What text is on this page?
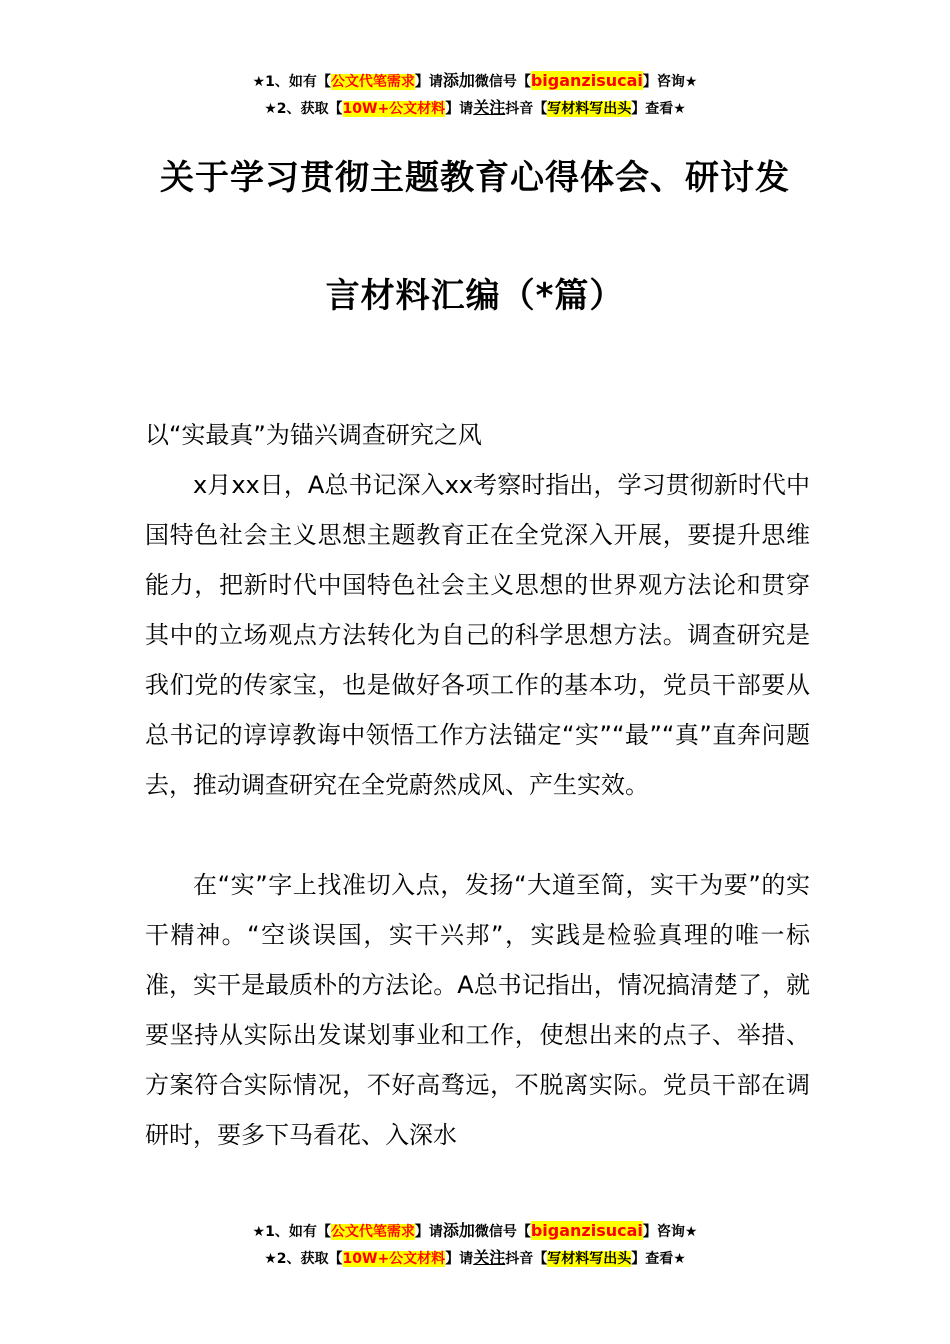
★1、如有【公文代笔需求】请添加微信号【biganzisucai】咨询★
★2、获取【10W+公文材料】请关注抖音【写材料写出头】查看★
关于学习贯彻主题教育心得体会、研讨发
言材料汇编（*篇）

以“实最真”为锚兴调查研究之风

x月xx日，A总书记深入xx考察时指出，学习贯彻新时代中国特色社会主义思想主题教育正在全党深入开展，要提升思维能力，把新时代中国特色社会主义思想的世界观方法论和贯穿其中的立场观点方法转化为自己的科学思想方法。调查研究是我们党的传家宝，也是做好各项工作的基本功，党员干部要从总书记的谆谆教诲中领悟工作方法锚定“实”“最”“真”直奔问题去，推动调查研究在全党蔚然成风、产生实效。

在“实”字上找准切入点，发扬“大道至简，实干为要”的实干精神。“空谈误国，实干兴邦”，实践是检验真理的唯一标准，实干是最质朴的方法论。A总书记指出，情况搞清楚了，就要坚持从实际出发谋划事业和工作，使想出来的点子、举措、方案符合实际情况，不好高骛远，不脱离实际。党员干部在调研时，要多下马看花、入深水

★1、如有【公文代笔需求】请添加微信号【biganzisucai】咨询★
★2、获取【10W+公文材料】请关注抖音【写材料写出头】查看★
